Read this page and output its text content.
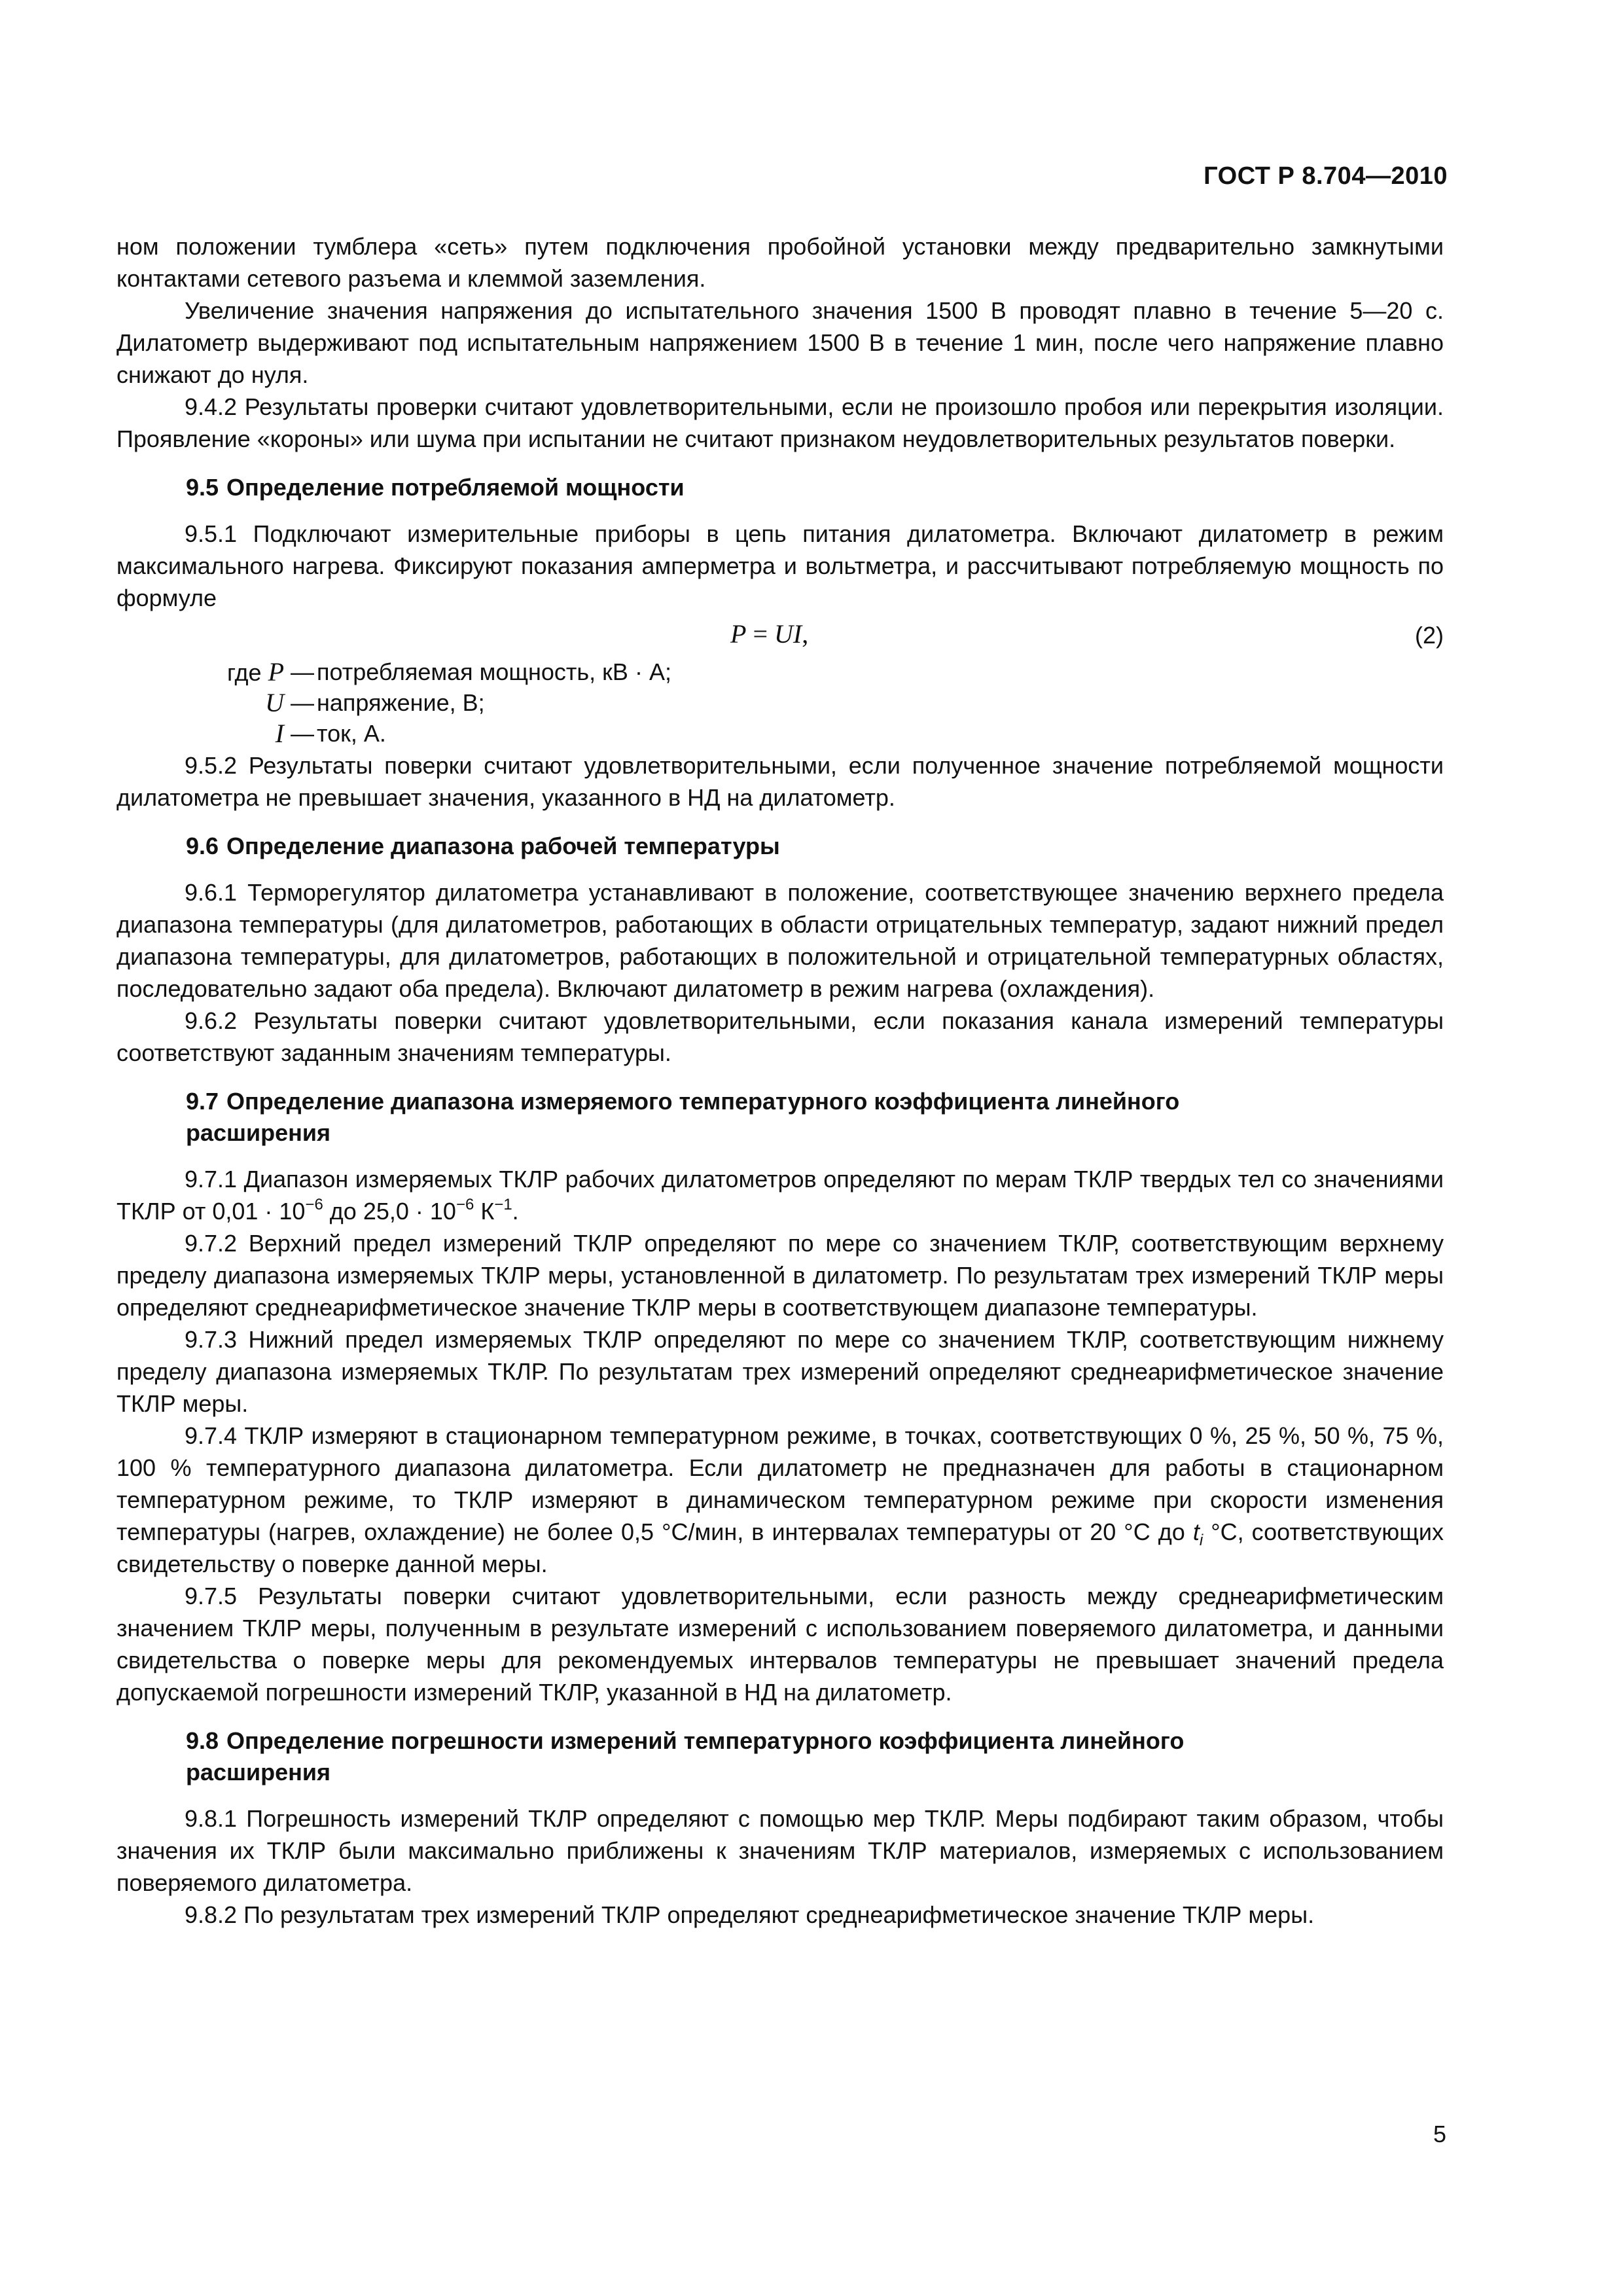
ГОСТ Р 8.704—2010

ном положении тумблера «сеть» путем подключения пробойной установки между предварительно замкнутыми контактами сетевого разъема и клеммой заземления.

Увеличение значения напряжения до испытательного значения 1500 В проводят плавно в течение 5—20 с. Дилатометр выдерживают под испытательным напряжением 1500 В в течение 1 мин, после чего напряжение плавно снижают до нуля.

9.4.2 Результаты проверки считают удовлетворительными, если не произошло пробоя или перекрытия изоляции. Проявление «короны» или шума при испытании не считают признаком неудовлетворительных результатов поверки.

9.5 Определение потребляемой мощности

9.5.1 Подключают измерительные приборы в цепь питания дилатометра. Включают дилатометр в режим максимального нагрева. Фиксируют показания амперметра и вольтметра, и рассчитывают потребляемую мощность по формуле

P = UI,	(2)
где P — потребляемая мощность, кВ · А;
U — напряжение, В;
I — ток, А.

9.5.2 Результаты поверки считают удовлетворительными, если полученное значение потребляемой мощности дилатометра не превышает значения, указанного в НД на дилатометр.

9.6 Определение диапазона рабочей температуры

9.6.1 Терморегулятор дилатометра устанавливают в положение, соответствующее значению верхнего предела диапазона температуры (для дилатометров, работающих в области отрицательных температур, задают нижний предел диапазона температуры, для дилатометров, работающих в положительной и отрицательной температурных областях, последовательно задают оба предела). Включают дилатометр в режим нагрева (охлаждения).

9.6.2 Результаты поверки считают удовлетворительными, если показания канала измерений температуры соответствуют заданным значениям температуры.

9.7 Определение диапазона измеряемого температурного коэффициента линейного
расширения

9.7.1 Диапазон измеряемых ТКЛР рабочих дилатометров определяют по мерам ТКЛР твердых тел со значениями ТКЛР от $0,01 \cdot 10^{-6}$ до $25,0 \cdot 10^{-6}$ $К^{-1}$.

9.7.2 Верхний предел измерений ТКЛР определяют по мере со значением ТКЛР, соответствующим верхнему пределу диапазона измеряемых ТКЛР меры, установленной в дилатометр. По результатам трех измерений ТКЛР меры определяют среднеарифметическое значение ТКЛР меры в соответствующем диапазоне температуры.

9.7.3 Нижний предел измеряемых ТКЛР определяют по мере со значением ТКЛР, соответствующим нижнему пределу диапазона измеряемых ТКЛР. По результатам трех измерений определяют среднеарифметическое значение ТКЛР меры.

9.7.4 ТКЛР измеряют в стационарном температурном режиме, в точках, соответствующих 0 %, 25 %, 50 %, 75 %, 100 % температурного диапазона дилатометра. Если дилатометр не предназначен для работы в стационарном температурном режиме, то ТКЛР измеряют в динамическом температурном режиме при скорости изменения температуры (нагрев, охлаждение) не более 0,5 °С/мин, в интервалах температуры от 20 °С до $t_i$ °С, соответствующих свидетельству о поверке данной меры.

9.7.5 Результаты поверки считают удовлетворительными, если разность между среднеарифметическим значением ТКЛР меры, полученным в результате измерений с использованием поверяемого дилатометра, и данными свидетельства о поверке меры для рекомендуемых интервалов температуры не превышает значений предела допускаемой погрешности измерений ТКЛР, указанной в НД на дилатометр.

9.8 Определение погрешности измерений температурного коэффициента линейного
расширения

9.8.1 Погрешность измерений ТКЛР определяют с помощью мер ТКЛР. Меры подбирают таким образом, чтобы значения их ТКЛР были максимально приближены к значениям ТКЛР материалов, измеряемых с использованием поверяемого дилатометра.

9.8.2 По результатам трех измерений ТКЛР определяют среднеарифметическое значение ТКЛР меры.

5
